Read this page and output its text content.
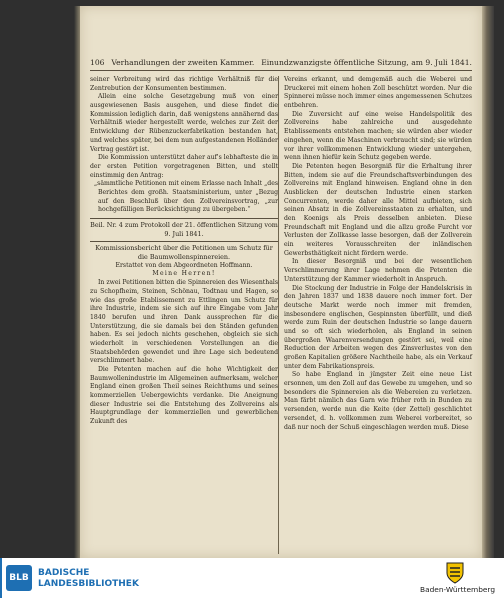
106 Verhandlungen der zweiten Kammer. Einundzwanzigste öffentliche Sitzung, am 9. Juli 1841.

seiner Verbreitung wird das richtige Verhältniß für die Zentrebution der Konsumenten bestimmen.

Allein eine solche Gesetzgebung muß von einer ausgewiesenen Basis ausgehen, und diese findet die Kommission lediglich darin, daß wenigstens annähernd das Verhältniß wieder hergestellt werde, welches zur Zeit der Entwicklung der Rübenzuckerfabrikation bestanden hat, und welches später, bei dem nun aufgestandenen Holländer Vertrag gestört ist.

Die Kommission unterstützt daher auf's lebhafteste die in der ersten Petition vorgetragenen Bitten, und stellt einstimmig den Antrag:

„sämmtliche Petitionen mit einem Erlasse nach Inhalt „des Berichtes dem großh. Staatsministerium, unter „Bezug auf den Beschluß über den Zollvereinsvortrag, „zur hochgefälligen Berücksichtigung zu übergeben.“

Beil. Nr. 4 zum Protokoll der 21. öffentlichen Sitzung vom 9. Juli 1841.

Kommissionsbericht über die Petitionen um Schutz für die Baumwollenspinnereien.

Erstattet von dem Abgeordneten Hoffmann.

Meine Herren!

In zwei Petitionen bitten die Spinnereien des Wiesenthals zu Schopfheim, Steinen, Schönau, Todtnau und Hagen, so wie das große Etablissement zu Ettlingen um Schutz für ihre Industrie, indem sie sich auf ihre Eingabe vom Jahr 1840 berufen und ihren Dank aussprechen für die Unterstützung, die sie damals bei den Ständen gefunden haben. Es sei jedoch nichts geschehen, obgleich sie sich wiederholt in verschiedenen Vorstellungen an die Staatsbehörden gewendet und ihre Lage sich bedeutend verschlimmert habe.

Die Petenten machen auf die hohe Wichtigkeit der Baumwollenindustrie im Allgemeinen aufmerksam, welcher England einen großen Theil seines Reichthums und seines kommerziellen Uebergewichts verdanke. Die Aneignung dieser Industrie sei die Entstehung des Zollvereins als Hauptgrundlage der kommerziellen und gewerblichen Zukunft des

Vereins erkannt, und demgemäß auch die Weberei und Druckerei mit einem hohen Zoll beschützt worden. Nur die Spinnerei müsse noch immer eines angemessenen Schutzes entbehren.

Die Zuversicht auf eine weise Handelspolitik des Zollvereins habe zahlreiche und ausgedehnte Etablissements entstehen machen; sie würden aber wieder eingehen, wenn die Maschinen verbraucht sind; sie würden vor ihrer vollkommenen Entwicklung wieder untergehen, wenn ihnen hiefür kein Schutz gegeben werde.

Die Petenten hegen Besorgniß für die Erhaltung ihrer Bitten, indem sie auf die Freundschaftsverbindungen des Zollvereins mit England hinweisen. England ohne in den Ausblicken der deutschen Industrie einen starken Concurrenten, werde daher alle Mittel aufbieten, sich seinen Absatz in die Zollvereinsstaaten zu erhalten, und den Koenigs als Preis desselben anbieten. Diese Freundschaft mit England und die allzu große Furcht vor Verlusten der Zollkasse lasse besorgen, daß der Zollverein ein weiteres Vorausschreiten der inländischen Gewerbsthätigkeit nicht fördern werde.

In dieser Besorgniß und bei der wesentlichen Verschlimmerung ihrer Lage nehmen die Petenten die Unterstützung der Kammer wiederholt in Anspruch.

Die Stockung der Industrie in Folge der Handelskrisis in den Jahren 1837 und 1838 dauere noch immer fort. Der deutsche Markt werde noch immer mit fremden, insbesondere englischen, Gespinnsten überfüllt, und dieß werde zum Ruin der deutschen Industrie so lange dauern und so oft sich wiederholen, als England in seinen übergroßen Waarenversendungen gestört sei, weil eine Reduction der Arbeiten wegen des Zinsverlustes von den großen Kapitalien größere Nachtheile habe, als ein Verkauf unter dem Fabrikationspreis.

So habe England in jüngster Zeit eine neue List ersonnen, um den Zoll auf das Gewebe zu umgehen, und so besonders die Spinnereien als die Webereien zu verletzen. Man färbt nämlich das Garn wie früher roth in Bunden zu versenden, werde nun die Keite (der Zettel) geschlichtet versendet, d. h. vollkommen zum Weberei vorbereitet, so daß nur noch der Schuß eingeschlagen werden muß. Diese

BLB	BADISCHE
LANDESBIBLIOTHEK
Baden-Württemberg
